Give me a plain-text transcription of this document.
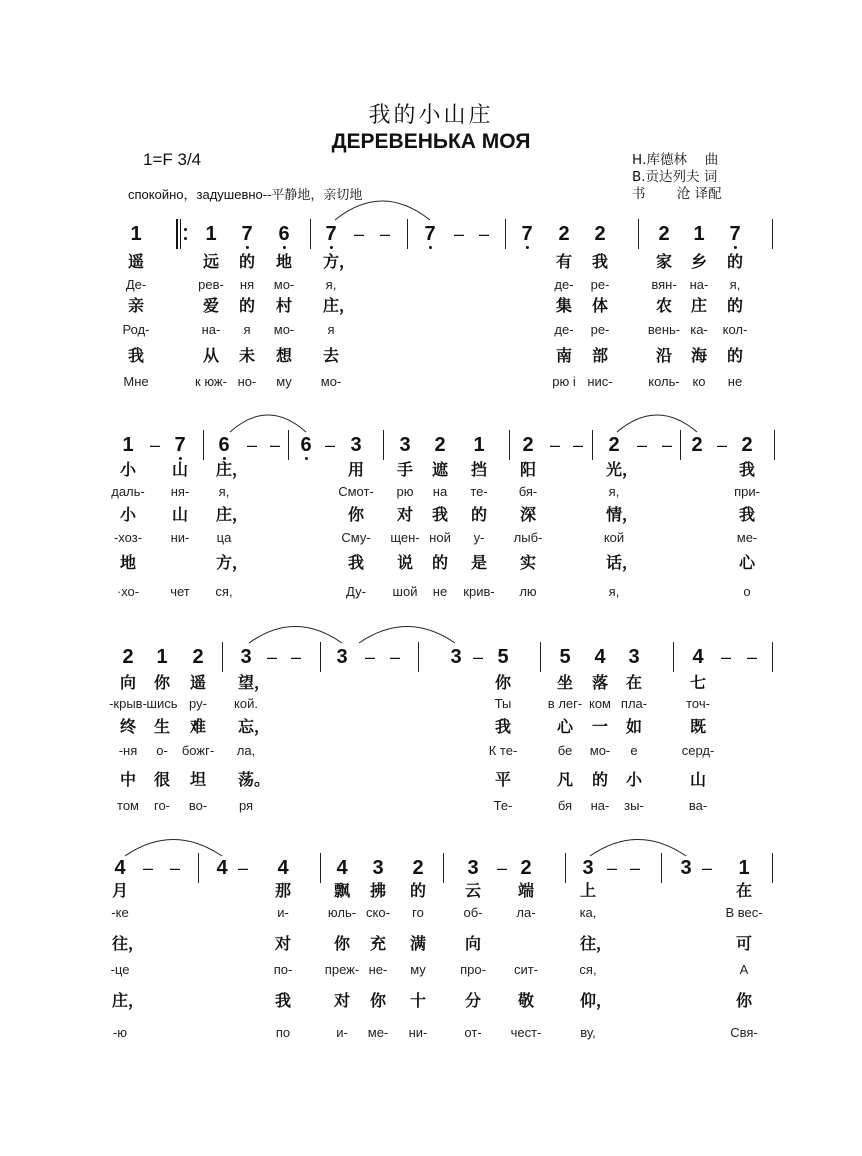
我的小山庄
ДЕРЕВЕНЬКА МОЯ
1=F 3/4
спокойно，задушевно--平静地，亲切地
Н.库德林　 曲
В.贡达列夫 词
书　　 沧 译配
1	1 7 6 7 – – 7 – – 7 2 2	2 1 7
遥	远 的 地 方，	有 我	家 乡 的
Де-	рев- ня мо- я,	де- ре-	вян- на- я,
亲	爱 的 村 庄，	集 体	农 庄 的
Род-	на- я мо-	я	де- ре-	вень- ка- кол-
我	从 未 想 去	南 部	沿 海 的
Мне	к юж- но- му мо-	рю і нис-	коль- ко не
1 – 7 6 – – 6 – 3 3 2 1 2 – – 2 – – 2 – 2
小 山 庄，	用 手 遮 挡 阳	光，	我
даль- ня- я,	Смот- рю на те- бя-	я,	при-
小 山 庄，	你 对 我 的 深	情，	我
-хоз- ни- ца	Сму- щен- ной у- лыб-	кой	ме-
地	方，	我 说 的 是 实	话，	心
·хо- чет ся,	Ду- шой не крив- лю	я,	о
2 1 2 3 – – 3 – –	3 – 5	5 4 3	4 – –
向 你 遥 望，	你	坐 落 在	七
-крыв- шись ру- кой.	Ты	в лег- ком пла-	точ-
终 生 难 忘，	我	心 一 如	既
-ня о- божг- ла,	К те-	бе мо- е	серд-
中 很 坦 荡。	平	凡 的 小	山
том го- во- ря	Те-	бя на- зы-	ва-
4 – – 4 – 4 4 3 2 3 – 2	3 – – 3 – 1
月	那	飘 拂 的 云 端	上	在
-ке	и-	юль- ско- го	об-	ла-	ка,	В вес-
往，	对	你 充 满 向	往，	可
-це	по-	преж- не- му	про- сит-	ся,	А
庄，	我	对 你 十 分 敬	仰，	你
-ю	по	и- ме- ни-	от- чест-	ву,	Свя-
